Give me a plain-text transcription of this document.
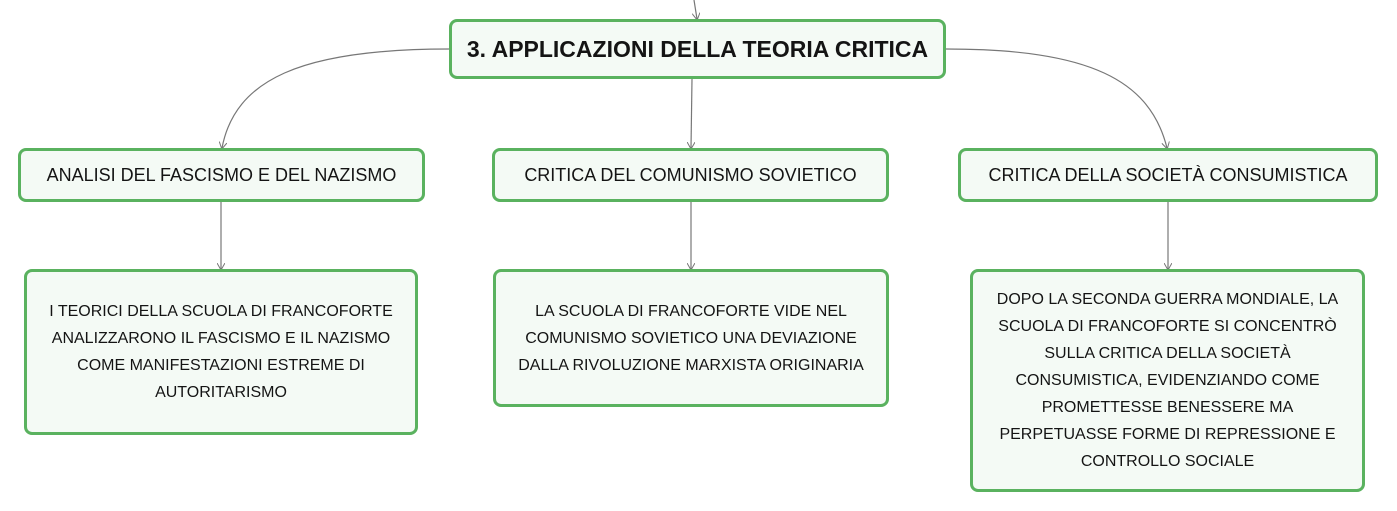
3. APPLICAZIONI DELLA TEORIA CRITICA
ANALISI DEL FASCISMO E DEL NAZISMO	CRITICA DEL COMUNISMO SOVIETICO	CRITICA DELLA SOCIETÀ CONSUMISTICA
I TEORICI DELLA SCUOLA DI FRANCOFORTE ANALIZZARONO IL FASCISMO E IL NAZISMO COME MANIFESTAZIONI ESTREME DI AUTORITARISMO
LA SCUOLA DI FRANCOFORTE VIDE NEL COMUNISMO SOVIETICO UNA DEVIAZIONE DALLA RIVOLUZIONE MARXISTA ORIGINARIA
DOPO LA SECONDA GUERRA MONDIALE, LA SCUOLA DI FRANCOFORTE SI CONCENTRÒ SULLA CRITICA DELLA SOCIETÀ CONSUMISTICA, EVIDENZIANDO COME PROMETTESSE BENESSERE MA PERPETUASSE FORME DI REPRESSIONE E CONTROLLO SOCIALE
